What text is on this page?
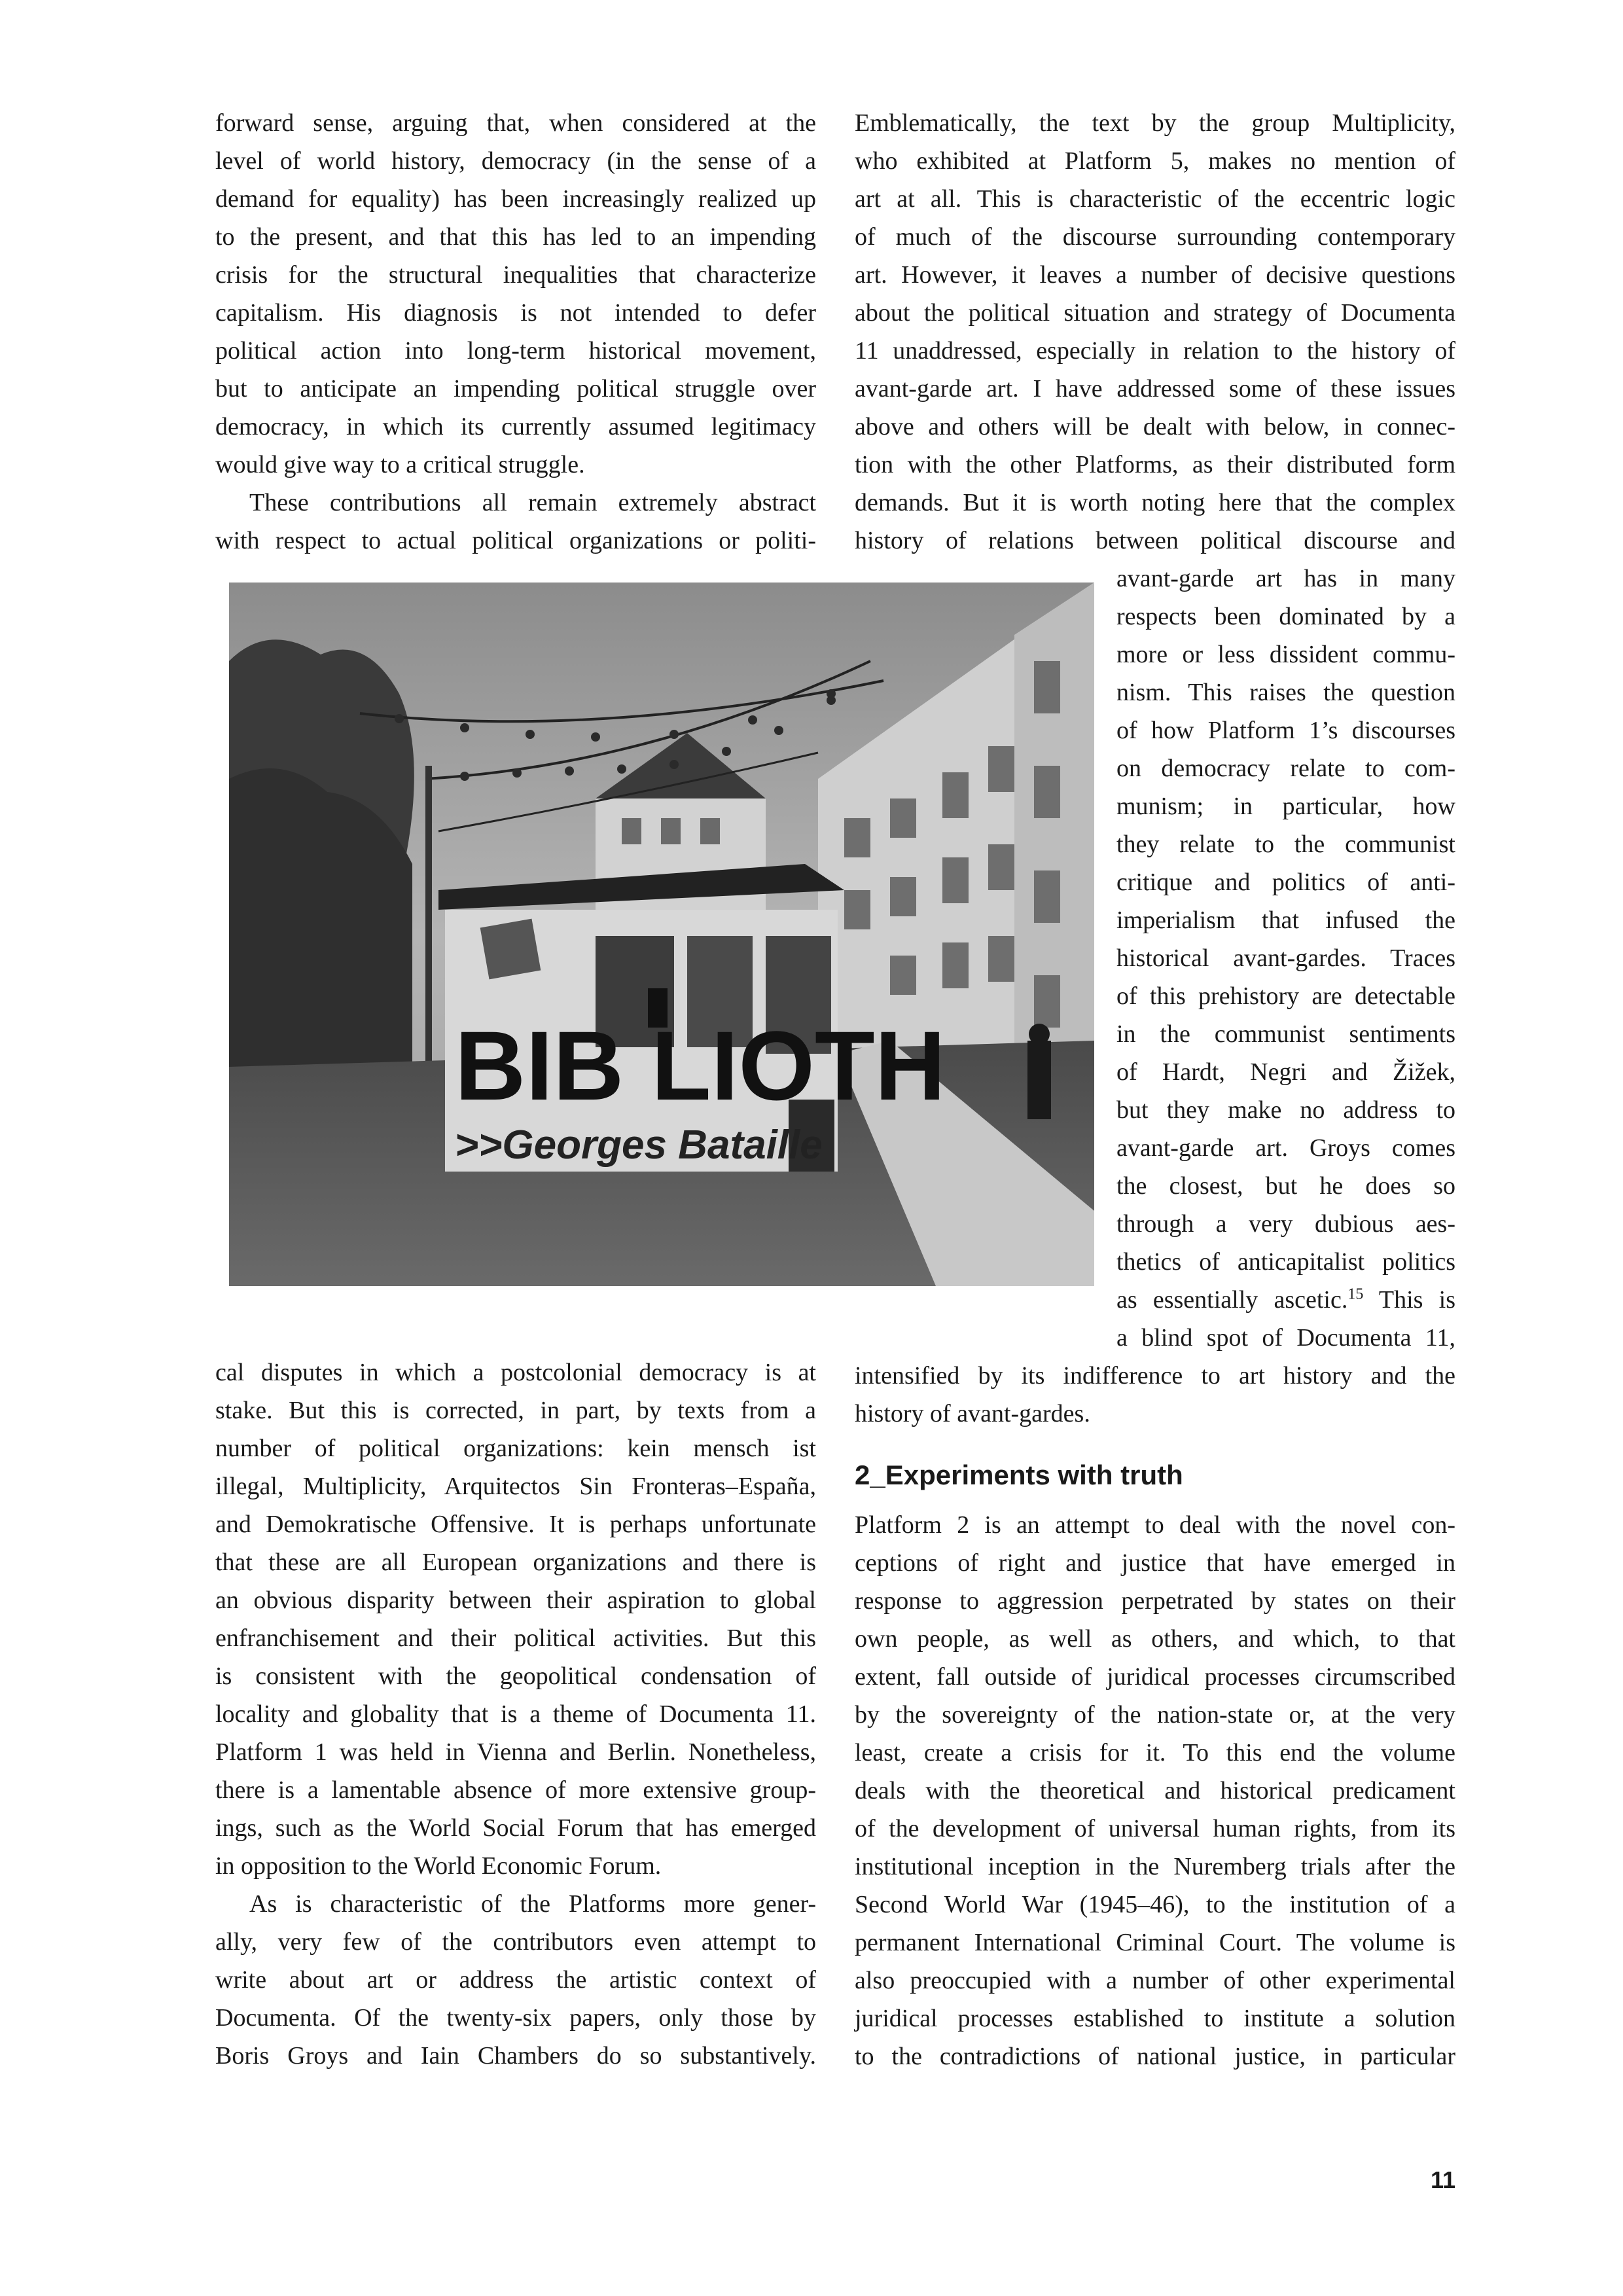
forward sense, arguing that, when considered at the
level of world history, democracy (in the sense of a
demand for equality) has been increasingly realized up
to the present, and that this has led to an impending
crisis for the structural inequalities that characterize
capitalism. His diagnosis is not intended to defer
political action into long-term historical movement,
but to anticipate an impending political struggle over
democracy, in which its currently assumed legitimacy
would give way to a critical struggle.
These contributions all remain extremely abstract
with respect to actual political organizations or politi-
cal disputes in which a postcolonial democracy is at
stake. But this is corrected, in part, by texts from a
number of political organizations: kein mensch ist
illegal, Multiplicity, Arquitectos Sin Fronteras–España,
and Demokratische Offensive. It is perhaps unfortunate
that these are all European organizations and there is
an obvious disparity between their aspiration to global
enfranchisement and their political activities. But this
is consistent with the geopolitical condensation of
locality and globality that is a theme of Documenta 11.
Platform 1 was held in Vienna and Berlin. Nonetheless,
there is a lamentable absence of more extensive group-
ings, such as the World Social Forum that has emerged
in opposition to the World Economic Forum.
As is characteristic of the Platforms more gener-
ally, very few of the contributors even attempt to
write about art or address the artistic context of
Documenta. Of the twenty-six papers, only those by
Boris Groys and Iain Chambers do so substantively.
Emblematically, the text by the group Multiplicity,
who exhibited at Platform 5, makes no mention of
art at all. This is characteristic of the eccentric logic
of much of the discourse surrounding contemporary
art. However, it leaves a number of decisive questions
about the political situation and strategy of Documenta
11 unaddressed, especially in relation to the history of
avant-garde art. I have addressed some of these issues
above and others will be dealt with below, in connec-
tion with the other Platforms, as their distributed form
demands. But it is worth noting here that the complex
history of relations between political discourse and
avant-garde art has in many
respects been dominated by a
more or less dissident commu-
nism. This raises the question
of how Platform 1’s discourses
on democracy relate to com-
munism; in particular, how
they relate to the communist
critique and politics of anti-
imperialism that infused the
historical avant-gardes. Traces
of this prehistory are detectable
in the communist sentiments
of Hardt, Negri and Žižek,
but they make no address to
avant-garde art. Groys comes
the closest, but he does so
through a very dubious aes-
thetics of anticapitalist politics
as essentially ascetic.$^{15}$ This is
a blind spot of Documenta 11,
intensified by its indifference to art history and the
history of avant-gardes.
2_Experiments with truth
Platform 2 is an attempt to deal with the novel con-
ceptions of right and justice that have emerged in
response to aggression perpetrated by states on their
own people, as well as others, and which, to that
extent, fall outside of juridical processes circumscribed
by the sovereignty of the nation-state or, at the very
least, create a crisis for it. To this end the volume
deals with the theoretical and historical predicament
of the development of universal human rights, from its
institutional inception in the Nuremberg trials after the
Second World War (1945–46), to the institution of a
permanent International Criminal Court. The volume is
also preoccupied with a number of other experimental
juridical processes established to institute a solution
to the contradictions of national justice, in particular
BIB LIOTH
>>Georges Bataille
11
